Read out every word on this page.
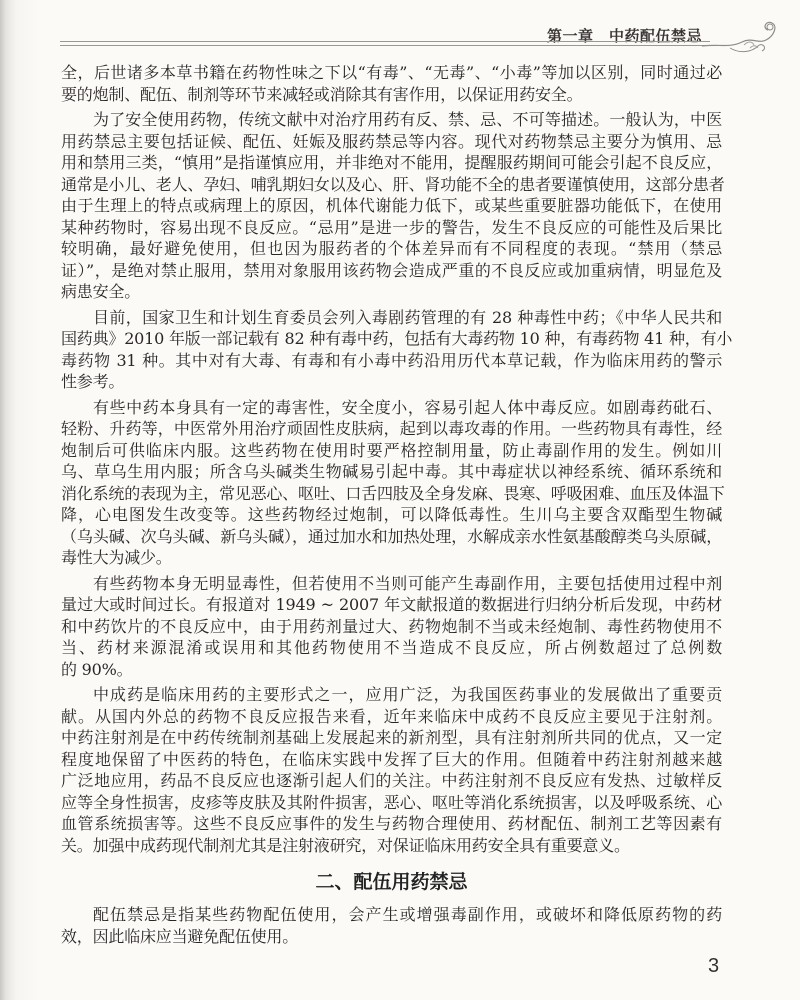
第一章　中药配伍禁忌
全，后世诸多本草书籍在药物性味之下以“有毒”、“无毒”、“小毒”等加以区别，同时通过必
要的炮制、配伍、制剂等环节来减轻或消除其有害作用，以保证用药安全。
为了安全使用药物，传统文献中对治疗用药有反、禁、忌、不可等描述。一般认为，中医
用药禁忌主要包括证候、配伍、妊娠及服药禁忌等内容。现代对药物禁忌主要分为慎用、忌
用和禁用三类，“慎用”是指谨慎应用，并非绝对不能用，提醒服药期间可能会引起不良反应，
通常是小儿、老人、孕妇、哺乳期妇女以及心、肝、肾功能不全的患者要谨慎使用，这部分患者
由于生理上的特点或病理上的原因，机体代谢能力低下，或某些重要脏器功能低下，在使用
某种药物时，容易出现不良反应。“忌用”是进一步的警告，发生不良反应的可能性及后果比
较明确，最好避免使用，但也因为服药者的个体差异而有不同程度的表现。“禁用（禁忌
证）”，是绝对禁止服用，禁用对象服用该药物会造成严重的不良反应或加重病情，明显危及
病患安全。
目前，国家卫生和计划生育委员会列入毒剧药管理的有 28 种毒性中药；《中华人民共和
国药典》2010 年版一部记载有 82 种有毒中药，包括有大毒药物 10 种，有毒药物 41 种，有小
毒药物 31 种。其中对有大毒、有毒和有小毒中药沿用历代本草记载，作为临床用药的警示
性参考。
有些中药本身具有一定的毒害性，安全度小，容易引起人体中毒反应。如剧毒药砒石、
轻粉、升药等，中医常外用治疗顽固性皮肤病，起到以毒攻毒的作用。一些药物具有毒性，经
炮制后可供临床内服。这些药物在使用时要严格控制用量，防止毒副作用的发生。例如川
乌、草乌生用内服；所含乌头碱类生物碱易引起中毒。其中毒症状以神经系统、循环系统和
消化系统的表现为主，常见恶心、呕吐、口舌四肢及全身发麻、畏寒、呼吸困难、血压及体温下
降，心电图发生改变等。这些药物经过炮制，可以降低毒性。生川乌主要含双酯型生物碱
（乌头碱、次乌头碱、新乌头碱），通过加水和加热处理，水解成亲水性氨基酸醇类乌头原碱，
毒性大为减少。
有些药物本身无明显毒性，但若使用不当则可能产生毒副作用，主要包括使用过程中剂
量过大或时间过长。有报道对 1949 ~ 2007 年文献报道的数据进行归纳分析后发现，中药材
和中药饮片的不良反应中，由于用药剂量过大、药物炮制不当或未经炮制、毒性药物使用不
当、药材来源混淆或误用和其他药物使用不当造成不良反应，所占例数超过了总例数
的 90%。
中成药是临床用药的主要形式之一，应用广泛，为我国医药事业的发展做出了重要贡
献。从国内外总的药物不良反应报告来看，近年来临床中成药不良反应主要见于注射剂。
中药注射剂是在中药传统制剂基础上发展起来的新剂型，具有注射剂所共同的优点，又一定
程度地保留了中医药的特色，在临床实践中发挥了巨大的作用。但随着中药注射剂越来越
广泛地应用，药品不良反应也逐渐引起人们的关注。中药注射剂不良反应有发热、过敏样反
应等全身性损害，皮疹等皮肤及其附件损害，恶心、呕吐等消化系统损害，以及呼吸系统、心
血管系统损害等。这些不良反应事件的发生与药物合理使用、药材配伍、制剂工艺等因素有
关。加强中成药现代制剂尤其是注射液研究，对保证临床用药安全具有重要意义。
二、配伍用药禁忌
配伍禁忌是指某些药物配伍使用，会产生或增强毒副作用，或破坏和降低原药物的药
效，因此临床应当避免配伍使用。
3
